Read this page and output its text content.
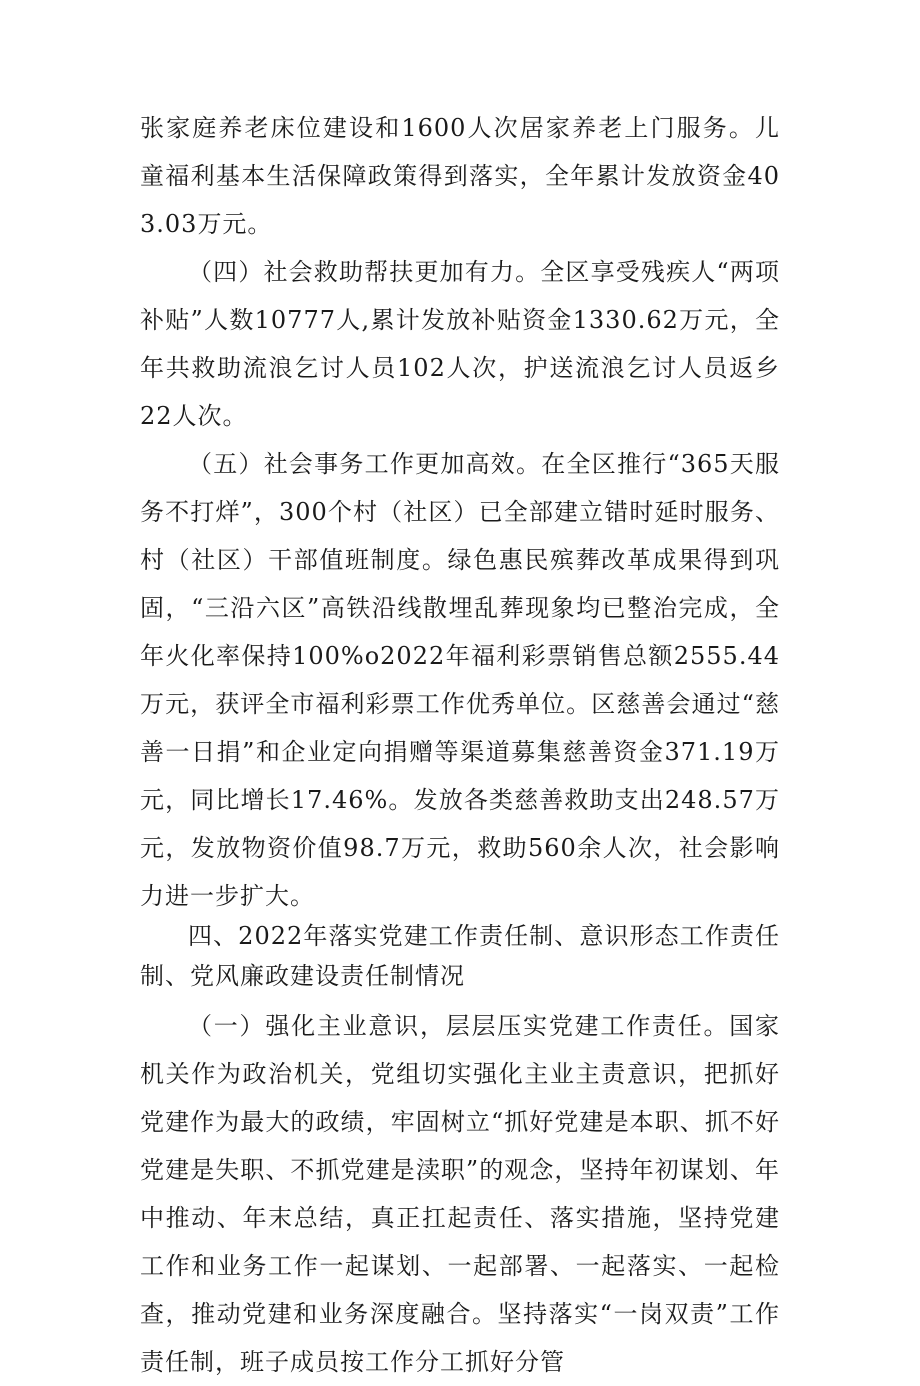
张家庭养老床位建设和1600人次居家养老上门服务。儿童福利基本生活保障政策得到落实，全年累计发放资金403.03万元。

（四）社会救助帮扶更加有力。全区享受残疾人“两项补贴”人数10777人,累计发放补贴资金1330.62万元，全年共救助流浪乞讨人员102人次，护送流浪乞讨人员返乡22人次。

（五）社会事务工作更加高效。在全区推行“365天服务不打烊”，300个村（社区）已全部建立错时延时服务、村（社区）干部值班制度。绿色惠民殡葬改革成果得到巩固，“三沿六区”高铁沿线散埋乱葬现象均已整治完成，全年火化率保持100%o2022年福利彩票销售总额2555.44万元，获评全市福利彩票工作优秀单位。区慈善会通过“慈善一日捐”和企业定向捐赠等渠道募集慈善资金371.19万元，同比增长17.46%。发放各类慈善救助支出248.57万元，发放物资价值98.7万元，救助560余人次，社会影响力进一步扩大。

四、2022年落实党建工作责任制、意识形态工作责任制、党风廉政建设责任制情况

（一）强化主业意识，层层压实党建工作责任。国家机关作为政治机关，党组切实强化主业主责意识，把抓好党建作为最大的政绩，牢固树立“抓好党建是本职、抓不好党建是失职、不抓党建是渎职”的观念，坚持年初谋划、年中推动、年末总结，真正扛起责任、落实措施，坚持党建工作和业务工作一起谋划、一起部署、一起落实、一起检查，推动党建和业务深度融合。坚持落实“一岗双责”工作责任制，班子成员按工作分工抓好分管
